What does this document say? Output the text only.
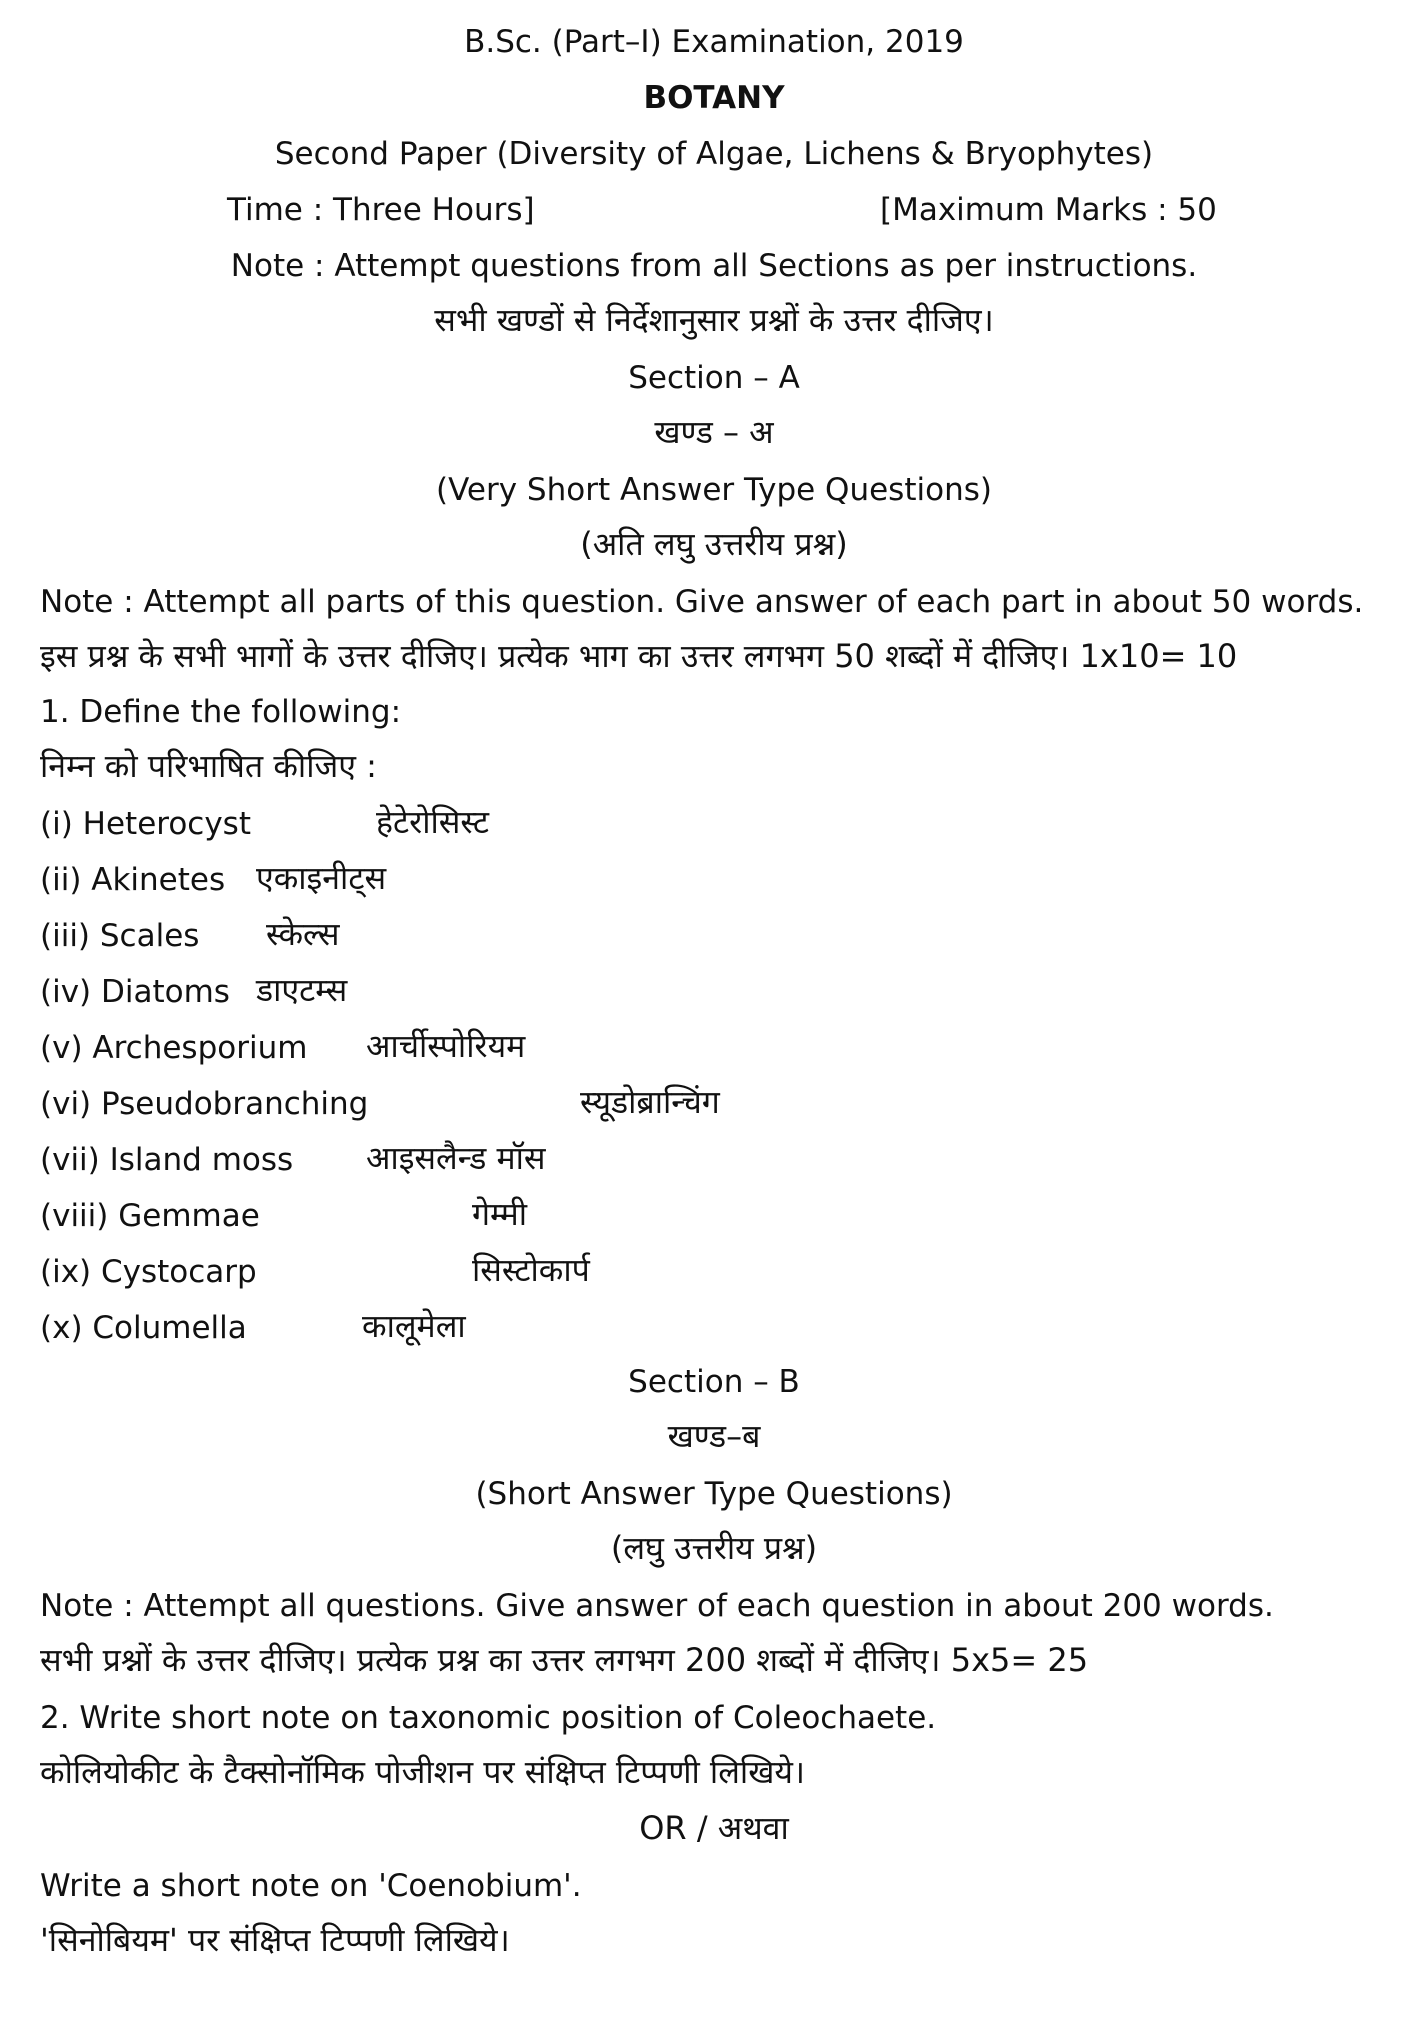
B.Sc. (Part–I) Examination, 2019
BOTANY
Second Paper (Diversity of Algae, Lichens & Bryophytes)
Time : Three Hours]	[Maximum Marks : 50
Note : Attempt questions from all Sections as per instructions.
सभी खण्डों से निर्देशानुसार प्रश्नों के उत्तर दीजिए।
Section – A
खण्ड – अ
(Very Short Answer Type Questions)
(अति लघु उत्तरीय प्रश्न)
Note : Attempt all parts of this question. Give answer of each part in about 50 words.
इस प्रश्न के सभी भागों के उत्तर दीजिए। प्रत्येक भाग का उत्तर लगभग 50 शब्दों में दीजिए। 1x10= 10
1. Define the following:
निम्न को परिभाषित कीजिए :
(i) Heterocyst	हेटेरोसिस्ट
(ii) Akinetes एकाइनीट्स
(iii) Scales स्केल्स
(iv) Diatoms डाएटम्स
(v) Archesporium आर्चीस्पोरियम
(vi) Pseudobranching	स्यूडोब्रान्चिंग
(vii) Island moss आइसलैन्ड मॉस
(viii) Gemmae	गेम्मी
(ix) Cystocarp	सिस्टोकार्प
(x) Columella	कालूमेला
Section – B
खण्ड–ब
(Short Answer Type Questions)
(लघु उत्तरीय प्रश्न)
Note : Attempt all questions. Give answer of each question in about 200 words.
सभी प्रश्नों के उत्तर दीजिए। प्रत्येक प्रश्न का उत्तर लगभग 200 शब्दों में दीजिए। 5x5= 25
2. Write short note on taxonomic position of Coleochaete.
कोलियोकीट के टैक्सोनॉमिक पोजीशन पर संक्षिप्त टिप्पणी लिखिये।
OR / अथवा
Write a short note on 'Coenobium'.
'सिनोबियम' पर संक्षिप्त टिप्पणी लिखिये।
